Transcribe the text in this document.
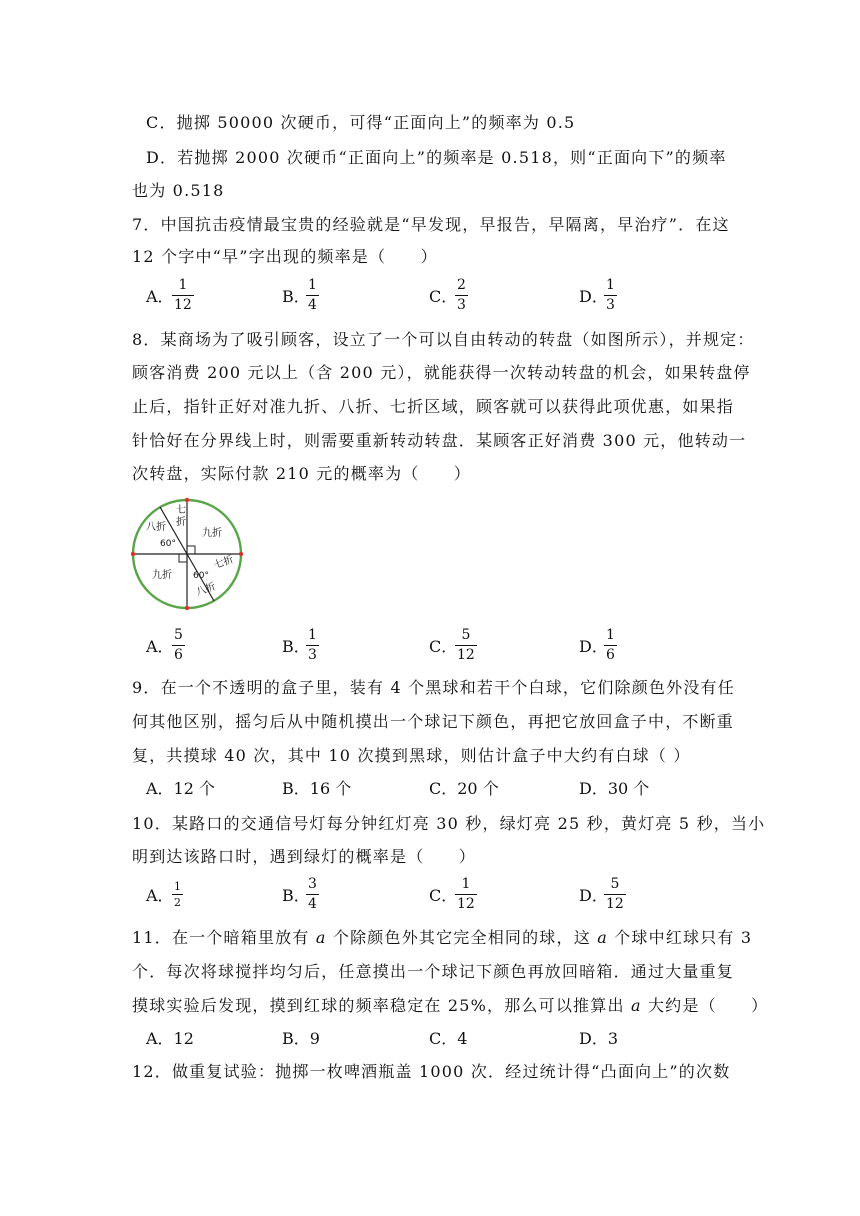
C．抛掷 50000 次硬币，可得“正面向上”的频率为 0.5
D．若抛掷 2000 次硬币“正面向上”的频率是 0.518，则“正面向下”的频率
也为 0.518
7．中国抗击疫情最宝贵的经验就是“早发现，早报告，早隔离，早治疗”．在这
12 个字中“早”字出现的频率是（　　）
A．
$\frac{1}{12}$	B．
$\frac{1}{4}$	C．
$\frac{2}{3}$	D．
$\frac{1}{3}$
8．某商场为了吸引顾客，设立了一个可以自由转动的转盘（如图所示），并规定：
顾客消费 200 元以上（含 200 元），就能获得一次转动转盘的机会，如果转盘停
止后，指针正好对准九折、八折、七折区域，顾客就可以获得此项优惠，如果指
针恰好在分界线上时，则需要重新转动转盘．某顾客正好消费 300 元，他转动一
次转盘，实际付款 210 元的概率为（　　）
七
折
八折
60°
九折
九折 60°
七折
八折
A．
$\frac{5}{6}$	B．
$\frac{1}{3}$	C．
$\frac{5}{12}$	D．
$\frac{1}{6}$
9．在一个不透明的盒子里，装有 4 个黑球和若干个白球，它们除颜色外没有任
何其他区别，摇匀后从中随机摸出一个球记下颜色，再把它放回盒子中，不断重
复，共摸球 40 次，其中 10 次摸到黑球，则估计盒子中大约有白球（ ）
A．12 个	B．16 个	C．20 个	D．30 个
10．某路口的交通信号灯每分钟红灯亮 30 秒，绿灯亮 25 秒，黄灯亮 5 秒，当小
明到达该路口时，遇到绿灯的概率是（　　）
A．
$\frac{1}{2}$	B．
$\frac{3}{4}$	C．
$\frac{1}{12}$	D．
$\frac{5}{12}$
11．在一个暗箱里放有 a 个除颜色外其它完全相同的球，这 a 个球中红球只有 3
个．每次将球搅拌均匀后，任意摸出一个球记下颜色再放回暗箱．通过大量重复
摸球实验后发现，摸到红球的频率稳定在 25%，那么可以推算出 a 大约是（　　）
A．12	B．9	C．4	D．3
12．做重复试验：抛掷一枚啤酒瓶盖 1000 次．经过统计得“凸面向上”的次数
